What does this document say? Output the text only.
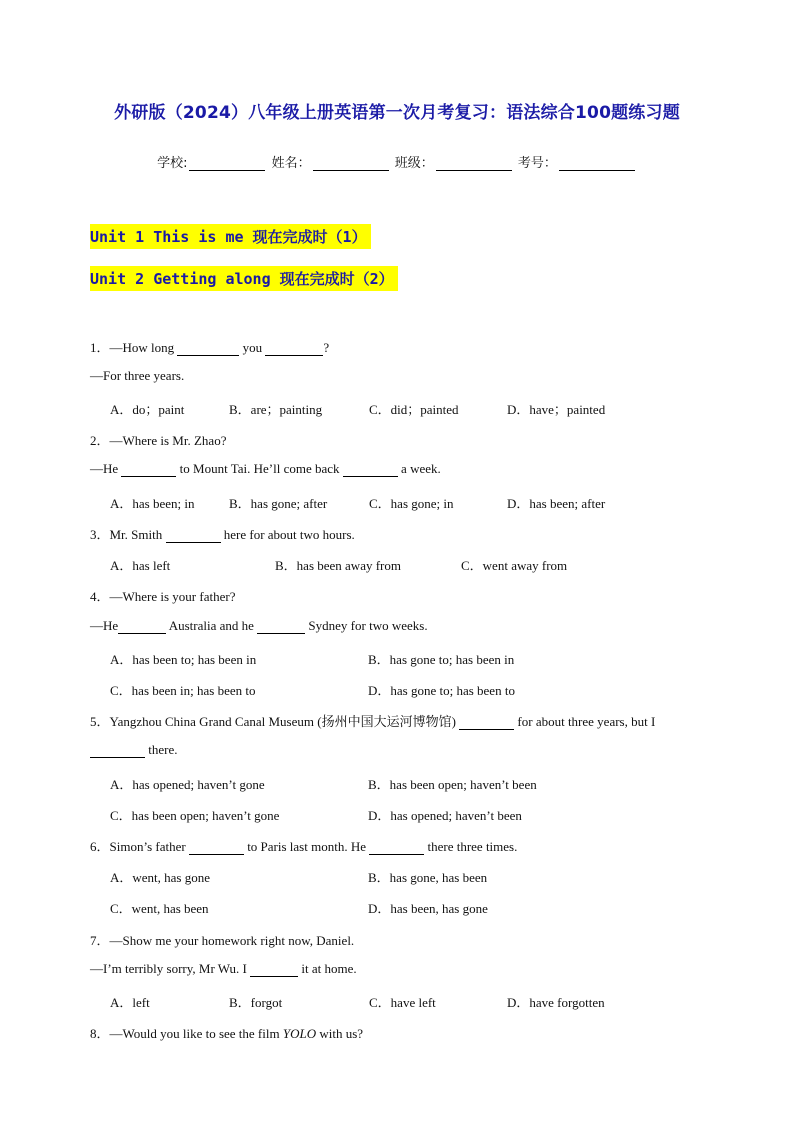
外研版（2024）八年级上册英语第一次月考复习：语法综合100题练习题
学校:	姓名：	班级：	考号：
Unit 1 This is me 现在完成时（1）
Unit 2 Getting along 现在完成时（2）
1．—How long	you	?
—For three years.
A．do；paint	B．are；painting	C．did；painted	D．have；painted
2．—Where is Mr. Zhao?
—He	to Mount Tai. He’ll come back	a week.
A．has been; in	B．has gone; after	C．has gone; in	D．has been; after
3．Mr. Smith	here for about two hours.
A．has left	B．has been away from	C．went away from
4．—Where is your father?
—He	Australia and he	Sydney for two weeks.
A．has been to; has been in	B．has gone to; has been in
C．has been in; has been to	D．has gone to; has been to
5．Yangzhou China Grand Canal Museum (扬州中国大运河博物馆)	for about three years, but I
there.
A．has opened; haven’t gone	B．has been open; haven’t been
C．has been open; haven’t gone	D．has opened; haven’t been
6．Simon’s father	to Paris last month. He	there three times.
A．went, has gone	B．has gone, has been
C．went, has been	D．has been, has gone
7．—Show me your homework right now, Daniel.
—I’m terribly sorry, Mr Wu. I	it at home.
A．left	B．forgot	C．have left	D．have forgotten
8．—Would you like to see the film YOLO with us?
